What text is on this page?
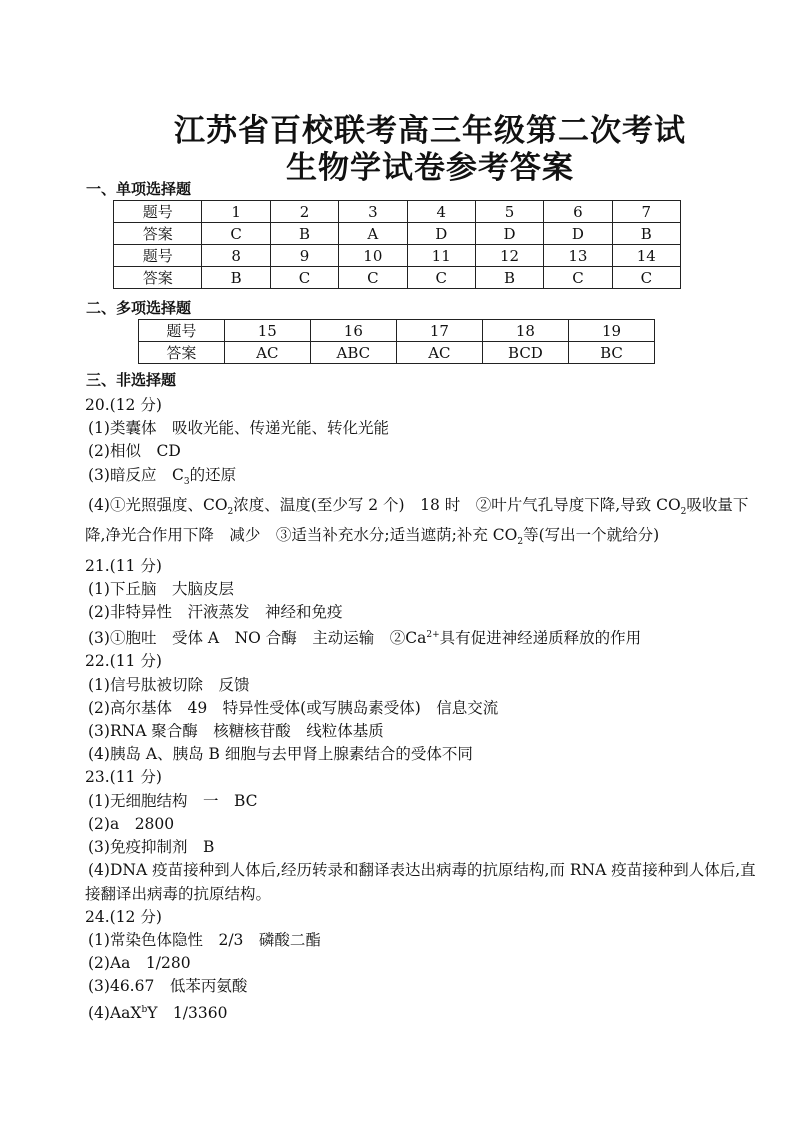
江苏省百校联考高三年级第二次考试
生物学试卷参考答案
一、单项选择题
题号	1	2	3	4	5	6	7
答案	C	B	A	D	D	D	B
题号	8	9	10	11	12	13	14
答案	B	C	C	C	B	C	C
二、多项选择题
题号	15	16	17	18	19
答案	AC	ABC	AC	BCD	BC
三、非选择题
20.(12 分)
(1)类囊体　吸收光能、传递光能、转化光能
(2)相似　CD
(3)暗反应　$C_3$的还原
(4)①光照强度、$CO_2$浓度、温度(至少写 2 个)　18 时　②叶片气孔导度下降,导致 $CO_2$吸收量下降,净光合作用下降　减少　③适当补充水分;适当遮荫;补充 $CO_2$等(写出一个就给分)
21.(11 分)
(1)下丘脑　大脑皮层
(2)非特异性　汗液蒸发　神经和免疫
(3)①胞吐　受体 A　NO 合酶　主动运输　$②Ca^{2+}$具有促进神经递质释放的作用
22.(11 分)
(1)信号肽被切除　反馈
(2)高尔基体　49　特异性受体(或写胰岛素受体)　信息交流
(3)RNA 聚合酶　核糖核苷酸　线粒体基质
(4)胰岛 A、胰岛 B 细胞与去甲肾上腺素结合的受体不同
23.(11 分)
(1)无细胞结构　一　BC
(2)a　2800
(3)免疫抑制剂　B
(4)DNA 疫苗接种到人体后,经历转录和翻译表达出病毒的抗原结构,而 RNA 疫苗接种到人体后,直接翻译出病毒的抗原结构。
24.(12 分)
(1)常染色体隐性　2/3　磷酸二酯
(2)Aa　1/280
(3)46.67　低苯丙氨酸
(4)AaX$^b$Y　1/3360
